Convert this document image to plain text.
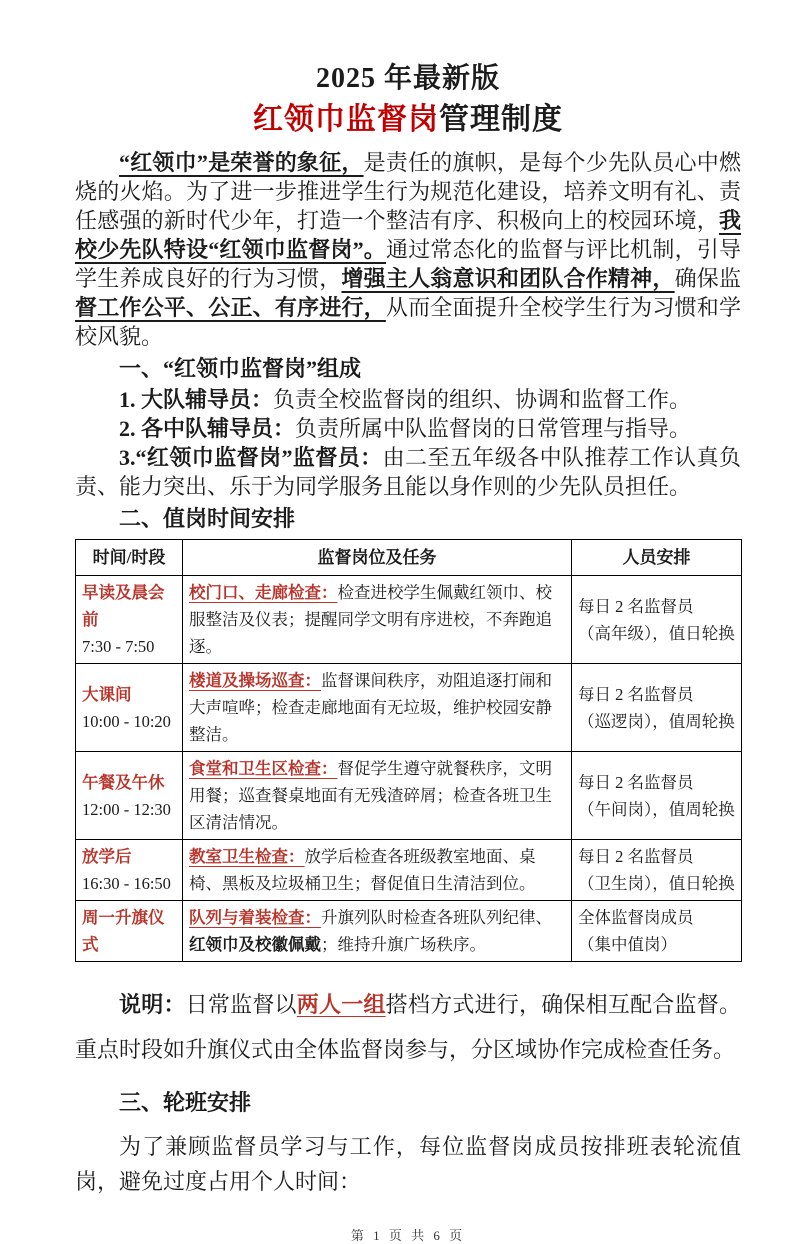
2025 年最新版

红领巾监督岗管理制度

“红领巾”是荣誉的象征，是责任的旗帜，是每个少先队员心中燃烧的火焰。为了进一步推进学生行为规范化建设，培养文明有礼、责任感强的新时代少年，打造一个整洁有序、积极向上的校园环境，我校少先队特设“红领巾监督岗”。通过常态化的监督与评比机制，引导学生养成良好的行为习惯，增强主人翁意识和团队合作精神，确保监督工作公平、公正、有序进行，从而全面提升全校学生行为习惯和学校风貌。

一、“红领巾监督岗”组成

1. 大队辅导员：负责全校监督岗的组织、协调和监督工作。

2. 各中队辅导员：负责所属中队监督岗的日常管理与指导。

3.“红领巾监督岗”监督员：由二至五年级各中队推荐工作认真负责、能力突出、乐于为同学服务且能以身作则的少先队员担任。

二、值岗时间安排

时间/时段	监督岗位及任务	人员安排

早读及晨会前
7:30 - 7:50	校门口、走廊检查：检查进校学生佩戴红领巾、校服整洁及仪表；提醒同学文明有序进校，不奔跑追逐。	每日 2 名监督员
（高年级），值日轮换

大课间
10:00 - 10:20	楼道及操场巡查：监督课间秩序，劝阻追逐打闹和大声喧哗；检查走廊地面有无垃圾，维护校园安静整洁。	每日 2 名监督员
（巡逻岗），值周轮换

午餐及午休
12:00 - 12:30	食堂和卫生区检查：督促学生遵守就餐秩序，文明用餐；巡查餐桌地面有无残渣碎屑；检查各班卫生区清洁情况。	每日 2 名监督员
（午间岗），值周轮换

放学后
16:30 - 16:50	教室卫生检查：放学后检查各班级教室地面、桌椅、黑板及垃圾桶卫生；督促值日生清洁到位。	每日 2 名监督员
（卫生岗），值日轮换

周一升旗仪式	队列与着装检查：升旗列队时检查各班队列纪律、红领巾及校徽佩戴；维持升旗广场秩序。	全体监督岗成员
（集中值岗）

说明：日常监督以两人一组搭档方式进行，确保相互配合监督。重点时段如升旗仪式由全体监督岗参与，分区域协作完成检查任务。

三、轮班安排

为了兼顾监督员学习与工作，每位监督岗成员按排班表轮流值岗，避免过度占用个人时间：

第 1 页 共 6 页
